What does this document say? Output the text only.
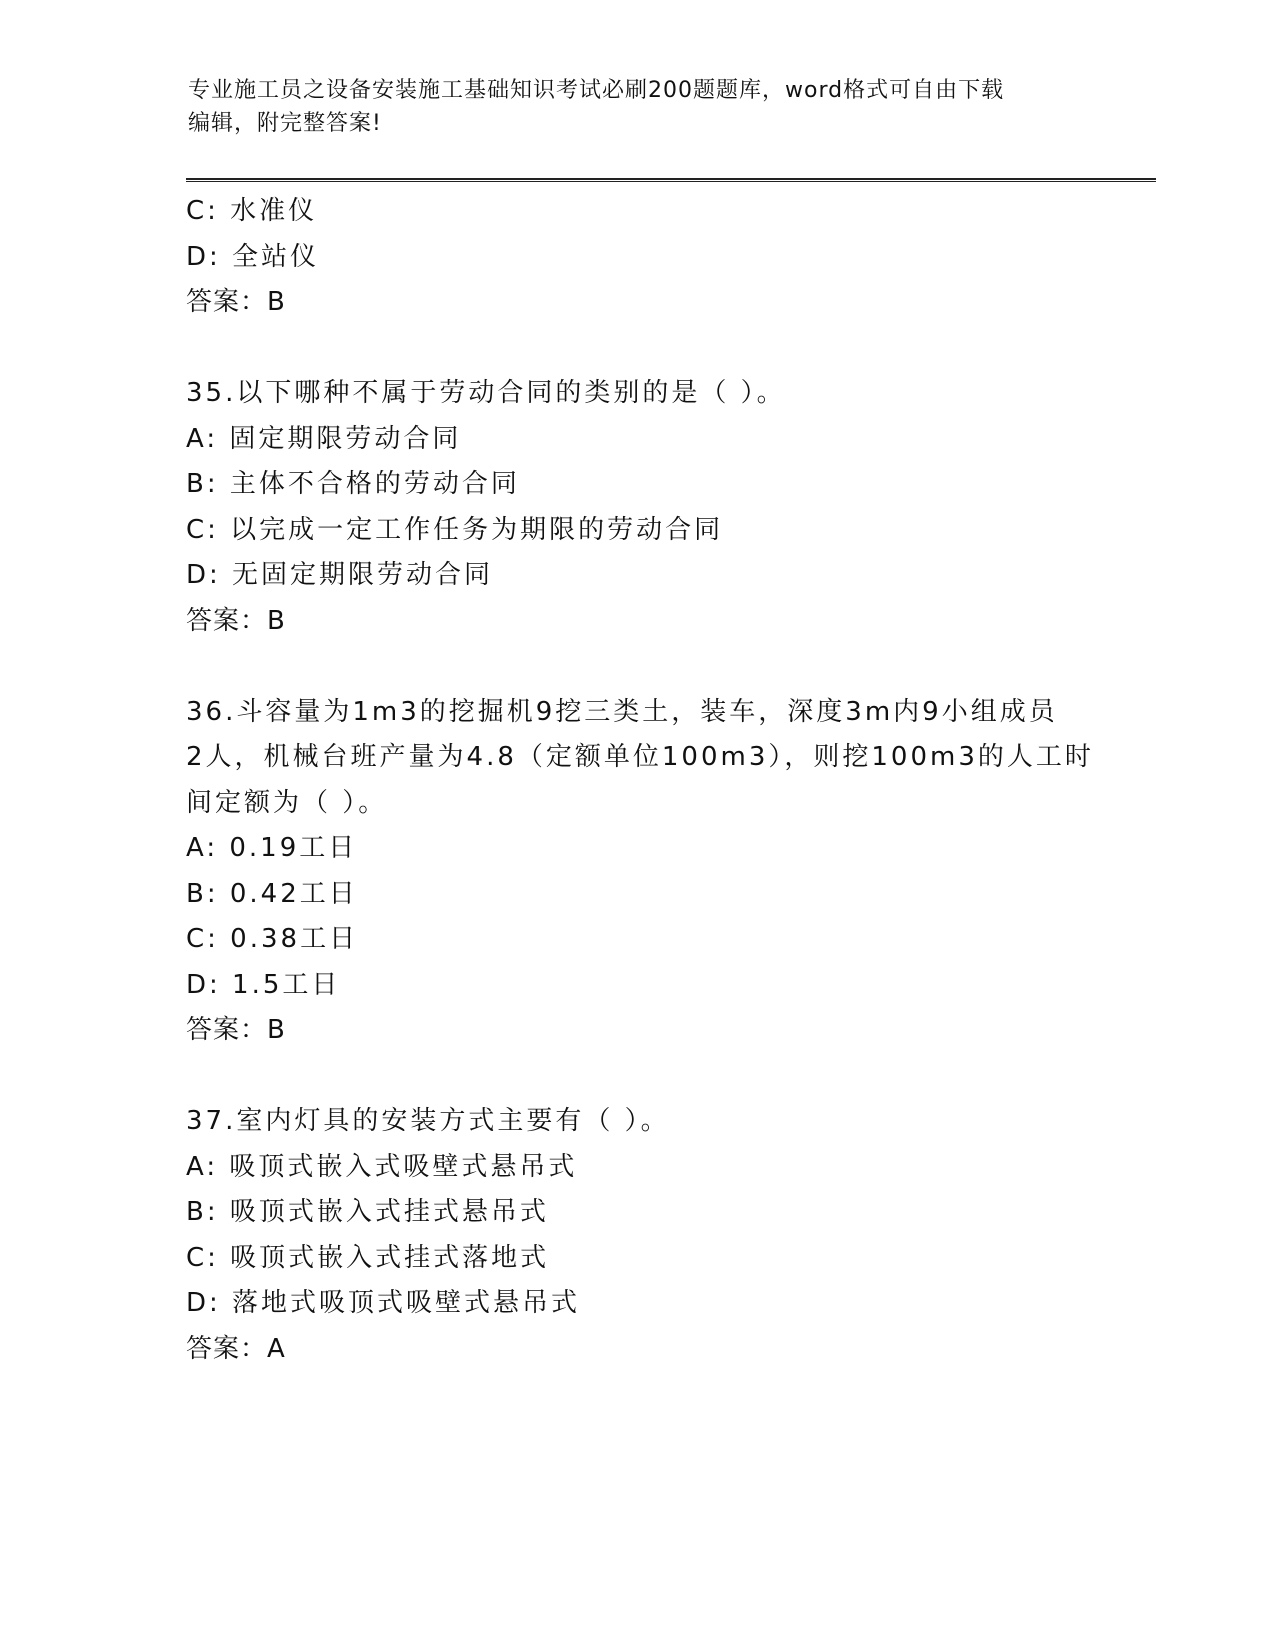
专业施工员之设备安装施工基础知识考试必刷200题题库，word格式可自由下载
编辑，附完整答案!
C: 水准仪
D: 全站仪
答案：B
35.以下哪种不属于劳动合同的类别的是（ ）。
A: 固定期限劳动合同
B: 主体不合格的劳动合同
C: 以完成一定工作任务为期限的劳动合同
D: 无固定期限劳动合同
答案：B
36.斗容量为1m3的挖掘机9挖三类土，装车，深度3m内9小组成员
2人，机械台班产量为4.8（定额单位100m3），则挖100m3的人工时
间定额为（ ）。
A: 0.19工日
B: 0.42工日
C: 0.38工日
D: 1.5工日
答案：B
37.室内灯具的安装方式主要有（ ）。
A: 吸顶式嵌入式吸壁式悬吊式
B: 吸顶式嵌入式挂式悬吊式
C: 吸顶式嵌入式挂式落地式
D: 落地式吸顶式吸壁式悬吊式
答案：A
